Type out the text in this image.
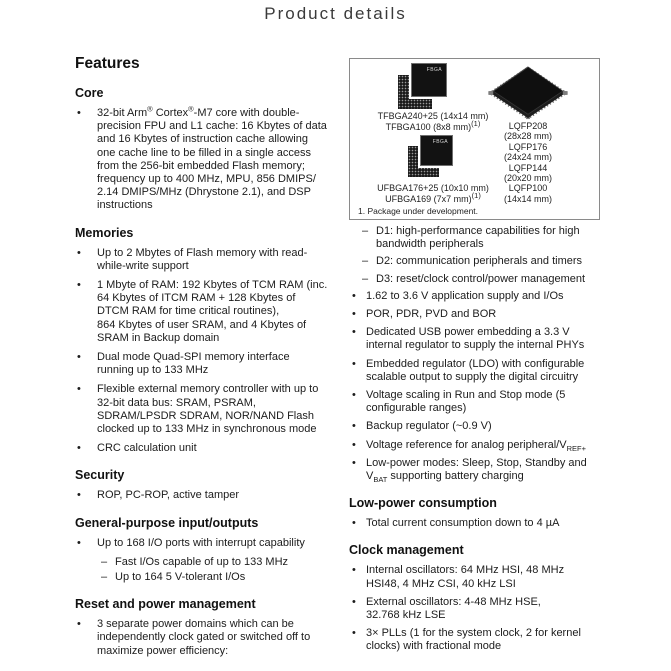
Product details
Features
Core
•	32-bit Arm® Cortex®-M7 core with double-
precision FPU and L1 cache: 16 Kbytes of data
and 16 Kbytes of instruction cache allowing
one cache line to be filled in a single access
from the 256-bit embedded Flash memory;
frequency up to 400 MHz, MPU, 856 DMIPS/
2.14 DMIPS/MHz (Dhrystone 2.1), and DSP
instructions
Memories
•	Up to 2 Mbytes of Flash memory with read-
while-write support
•	1 Mbyte of RAM: 192 Kbytes of TCM RAM (inc.
64 Kbytes of ITCM RAM + 128 Kbytes of
DTCM RAM for time critical routines),
864 Kbytes of user SRAM, and 4 Kbytes of
SRAM in Backup domain
•	Dual mode Quad-SPI memory interface
running up to 133 MHz
•	Flexible external memory controller with up to
32-bit data bus: SRAM, PSRAM,
SDRAM/LPSDR SDRAM, NOR/NAND Flash
clocked up to 133 MHz in synchronous mode
•	CRC calculation unit
Security
•	ROP, PC-ROP, active tamper
General-purpose input/outputs
•	Up to 168 I/O ports with interrupt capability
– Fast I/Os capable of up to 133 MHz
– Up to 164 5 V-tolerant I/Os
Reset and power management
•	3 separate power domains which can be
independently clock gated or switched off to
maximize power efficiency:
FBGA
TFBGA240+25 (14x14 mm)
TFBGA100 (8x8 mm)$^{(1)}$
FBGA
UFBGA176+25 (10x10 mm)
UFBGA169 (7x7 mm)$^{(1)}$
LQFP208
(28x28 mm)
LQFP176
(24x24 mm)
LQFP144
(20x20 mm)
LQFP100
(14x14 mm)
1. Package under development.
– D1: high-performance capabilities for high
bandwidth peripherals
– D2: communication peripherals and timers
– D3: reset/clock control/power management
• 1.62 to 3.6 V application supply and I/Os
• POR, PDR, PVD and BOR
• Dedicated USB power embedding a 3.3 V
internal regulator to supply the internal PHYs
• Embedded regulator (LDO) with configurable
scalable output to supply the digital circuitry
• Voltage scaling in Run and Stop mode (5
configurable ranges)
• Backup regulator (~0.9 V)
• Voltage reference for analog peripheral/$V_{REF+}$
• Low-power modes: Sleep, Stop, Standby and
$V_{BAT}$ supporting battery charging
Low-power consumption
• Total current consumption down to 4 µA
Clock management
• Internal oscillators: 64 MHz HSI, 48 MHz
HSI48, 4 MHz CSI, 40 kHz LSI
• External oscillators: 4-48 MHz HSE,
32.768 kHz LSE
• 3× PLLs (1 for the system clock, 2 for kernel
clocks) with fractional mode
